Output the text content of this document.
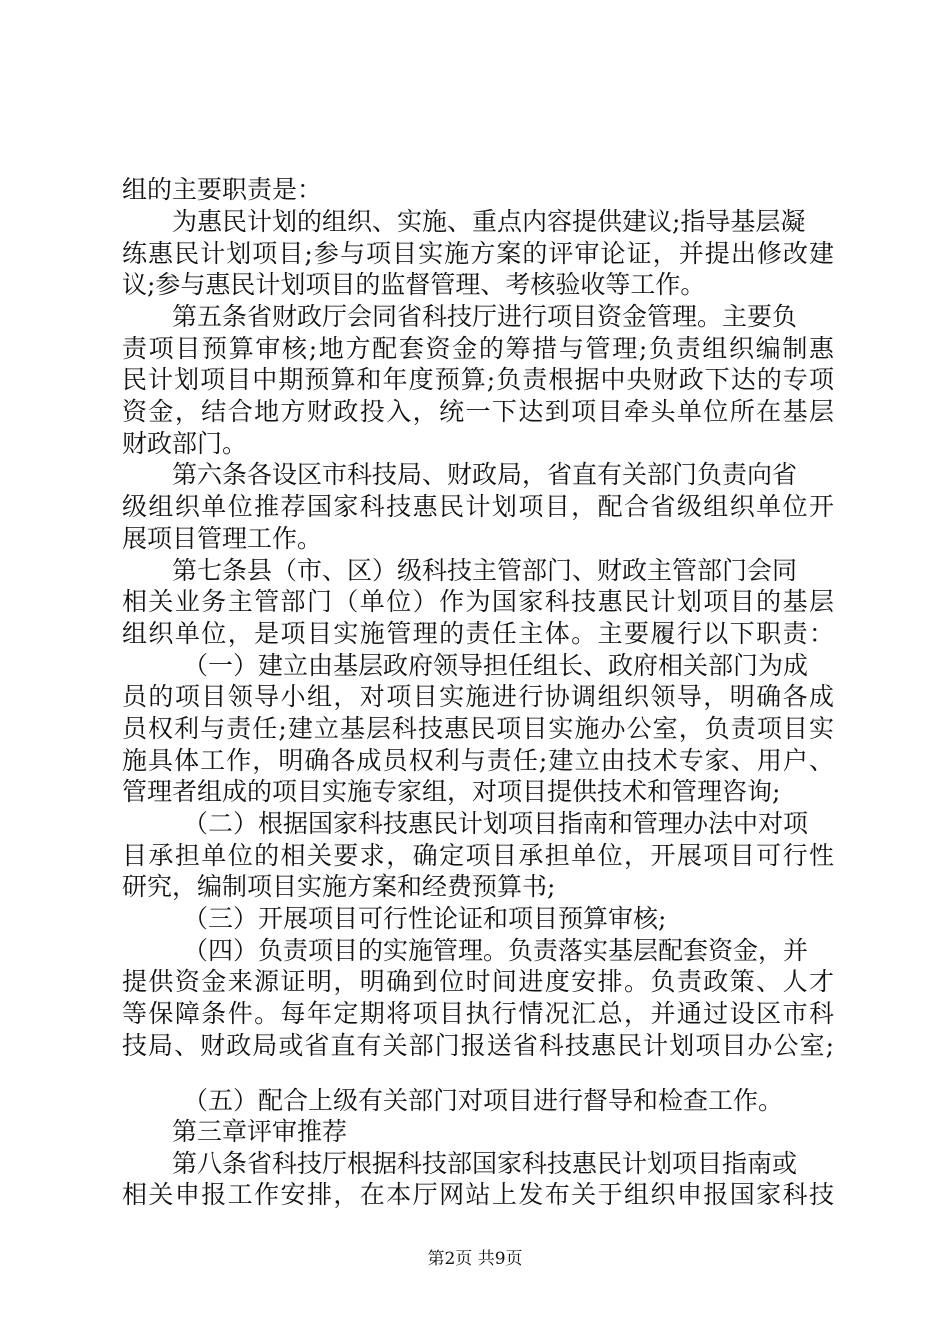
组的主要职责是：

为惠民计划的组织、实施、重点内容提供建议;指导基层凝

练惠民计划项目;参与项目实施方案的评审论证，并提出修改建

议;参与惠民计划项目的监督管理、考核验收等工作。

第五条省财政厅会同省科技厅进行项目资金管理。主要负

责项目预算审核;地方配套资金的筹措与管理;负责组织编制惠

民计划项目中期预算和年度预算;负责根据中央财政下达的专项

资金，结合地方财政投入，统一下达到项目牵头单位所在基层

财政部门。

第六条各设区市科技局、财政局，省直有关部门负责向省

级组织单位推荐国家科技惠民计划项目，配合省级组织单位开

展项目管理工作。

第七条县（市、区）级科技主管部门、财政主管部门会同

相关业务主管部门（单位）作为国家科技惠民计划项目的基层

组织单位，是项目实施管理的责任主体。主要履行以下职责：

（一）建立由基层政府领导担任组长、政府相关部门为成

员的项目领导小组，对项目实施进行协调组织领导，明确各成

员权利与责任;建立基层科技惠民项目实施办公室，负责项目实

施具体工作，明确各成员权利与责任;建立由技术专家、用户、

管理者组成的项目实施专家组，对项目提供技术和管理咨询;

（二）根据国家科技惠民计划项目指南和管理办法中对项

目承担单位的相关要求，确定项目承担单位，开展项目可行性

研究，编制项目实施方案和经费预算书;

（三）开展项目可行性论证和项目预算审核;

（四）负责项目的实施管理。负责落实基层配套资金，并

提供资金来源证明，明确到位时间进度安排。负责政策、人才

等保障条件。每年定期将项目执行情况汇总，并通过设区市科

技局、财政局或省直有关部门报送省科技惠民计划项目办公室;

（五）配合上级有关部门对项目进行督导和检查工作。

第三章评审推荐

第八条省科技厅根据科技部国家科技惠民计划项目指南或

相关申报工作安排，在本厅网站上发布关于组织申报国家科技

第2页 共9页
